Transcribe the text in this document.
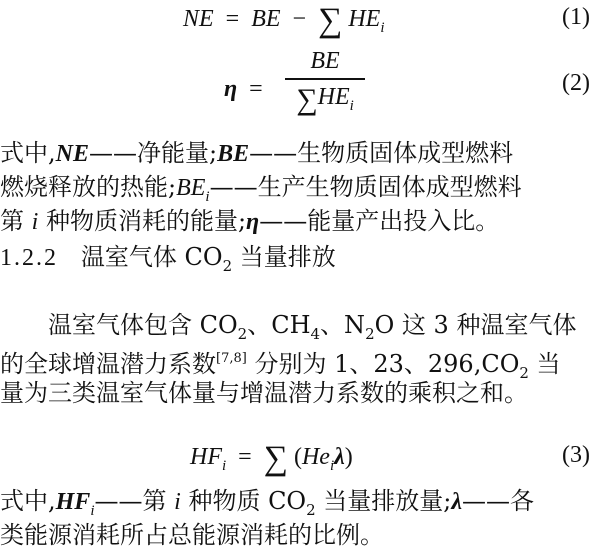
NE = BE − ∑ $HE_i$	(1)
η =
BE
$\sum HE_i$
(2)
式中,NE——净能量;BE——生物质固体成型燃料
燃烧释放的热能$;BE_i——$生产生物质固体成型燃料
第 i 种物质消耗的能量;η——能量产出投入比。
1.2.2 温室气体 $CO_2$ 当量排放
温室气体包含 $CO_2$、$CH_4$、$N_2O$ 这 3 种温室气体
的全球增温潜力系数[7,8] 分别为 1、23、$296,CO_2$ 当
量为三类温室气体量与增温潜力系数的乘积之和。
$HF_i$ = ∑ $(He_i\lambda)$	(3)
式中$,HF_i——$第 i 种物质 $CO_2$ 当量排放量;λ——各
类能源消耗所占总能源消耗的比例。
